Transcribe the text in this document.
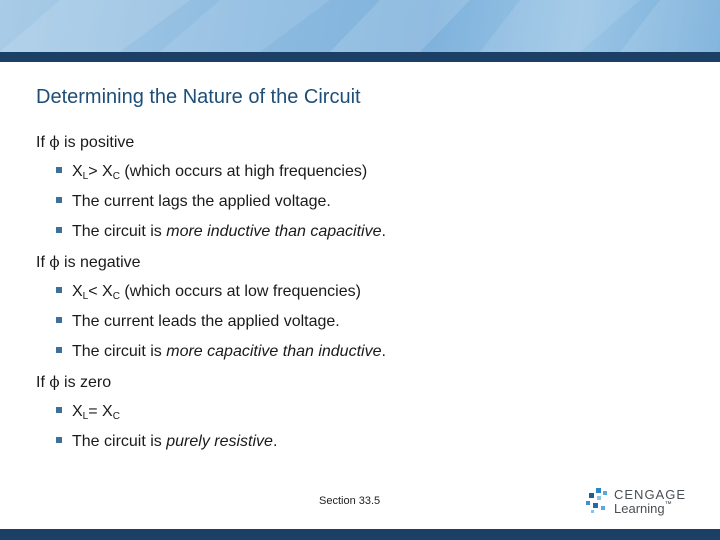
Determining the Nature of the Circuit
If ϕ is positive
$X_L> X_C$ (which occurs at high frequencies)
The current lags the applied voltage.
The circuit is more inductive than capacitive.
If ϕ is negative
$X_L< X_C$ (which occurs at low frequencies)
The current leads the applied voltage.
The circuit is more capacitive than inductive.
If ϕ is zero
$X_L= X_C$
The circuit is purely resistive.
Section 33.5	CENGAGE
Learning™
